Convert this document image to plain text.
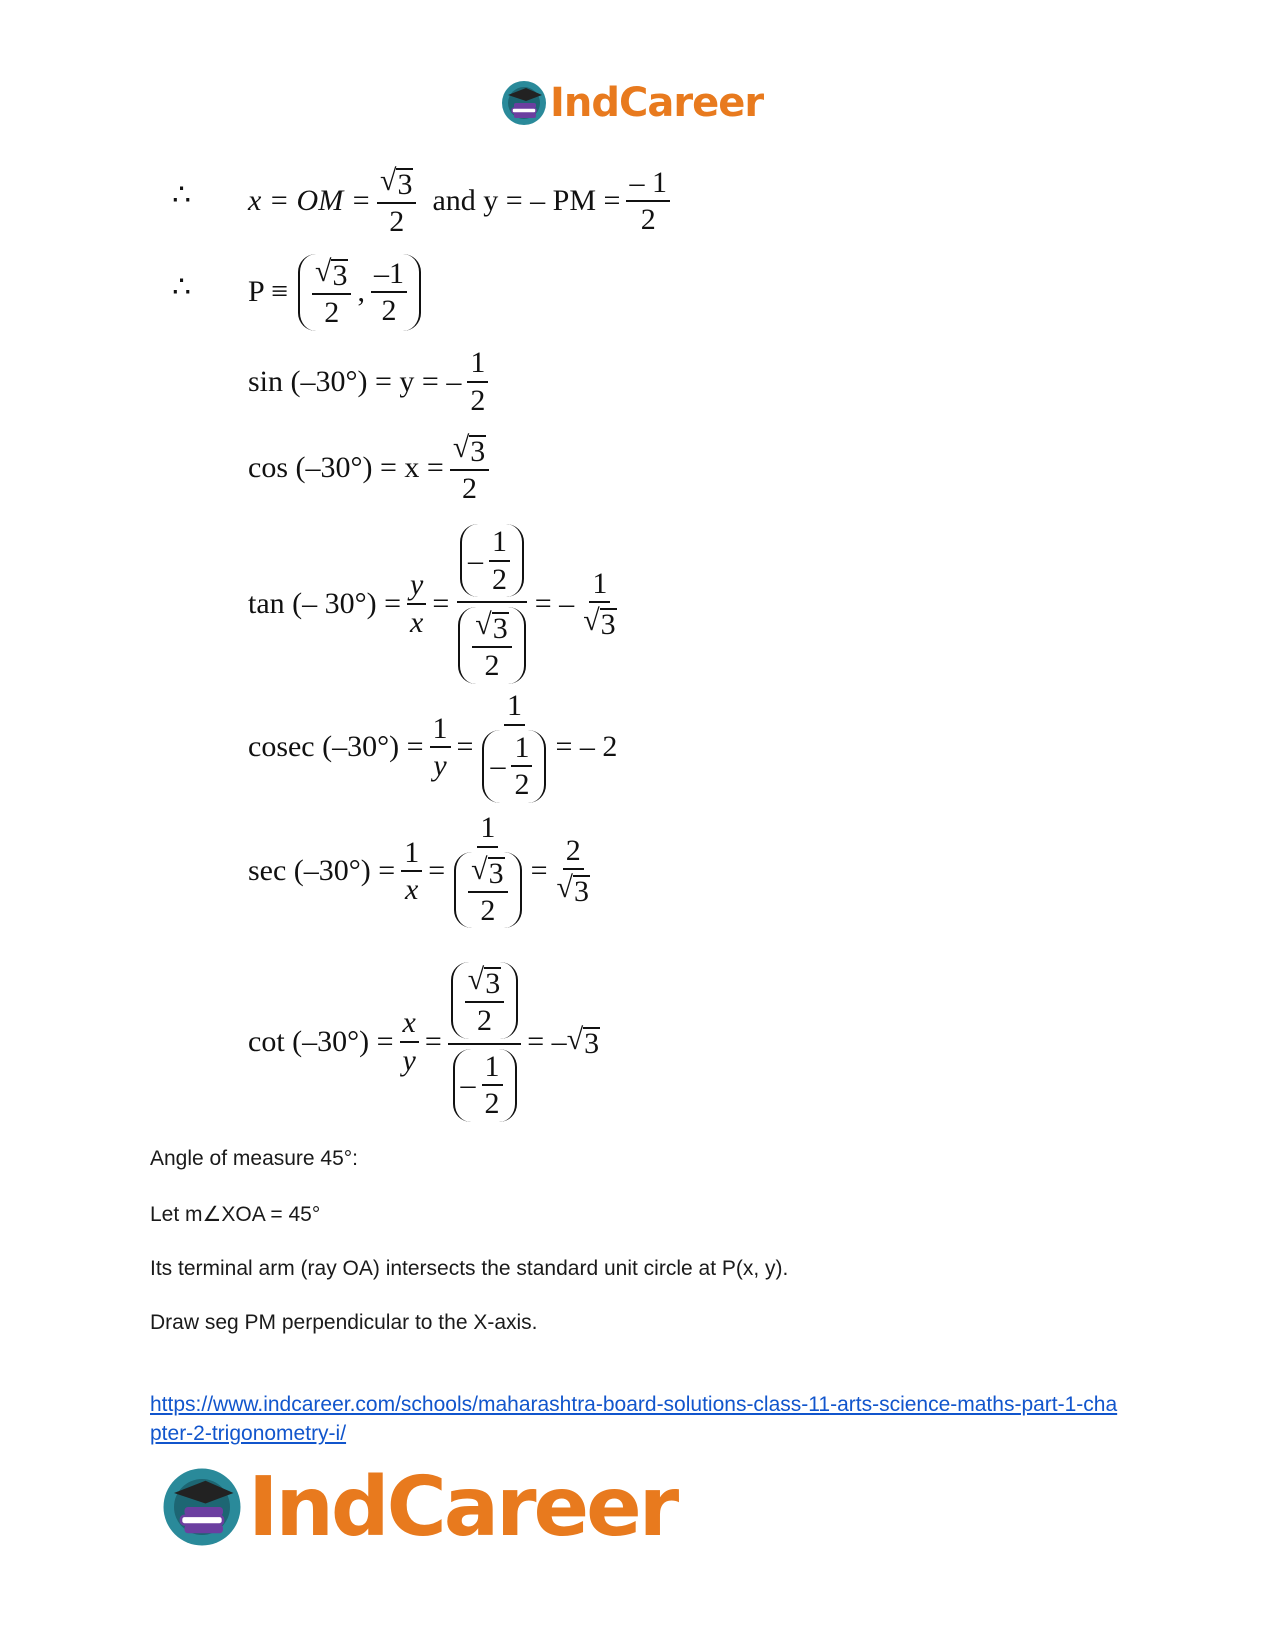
IndCareer
∴ x = OM = $\frac{√ 3}{2}$ and y = – PM = $\frac{- 1}{2}$
∴ $P \equiv \frac{√ 3}{2}$ , $\frac{-1}{2}$
sin (–30°) = y = – $\frac{1}{2}$
$\cos (-30^\circ) = x = \frac{√ 3}{2}$
tan (– $30^\circ) = \frac{y}{x} = \frac{- \frac{1}{2}}{\frac{√ 3}{2}}$ = – $\frac{1}{√ 3}$
cosec $(-30^\circ) = \frac{1}{y} = \frac{1}{- \frac{1}{2}}$ = – 2
$\sec (-30^\circ) = \frac{1}{x} = \frac{1}{\frac{√ 3}{2}} = \frac{2}{√ 3}$
$\cot (-30^\circ) = \frac{x}{y} = \frac{\frac{√ 3}{2}}{- \frac{1}{2}}$ = – √ 3
Angle of measure 45°:
Let m∠XOA = 45°
Its terminal arm (ray OA) intersects the standard unit circle at P(x, y).
Draw seg PM perpendicular to the X-axis.
https://www.indcareer.com/schools/maharashtra-board-solutions-class-11-arts-science-maths-part-1-chapter-2-trigonometry-i/
IndCareer
